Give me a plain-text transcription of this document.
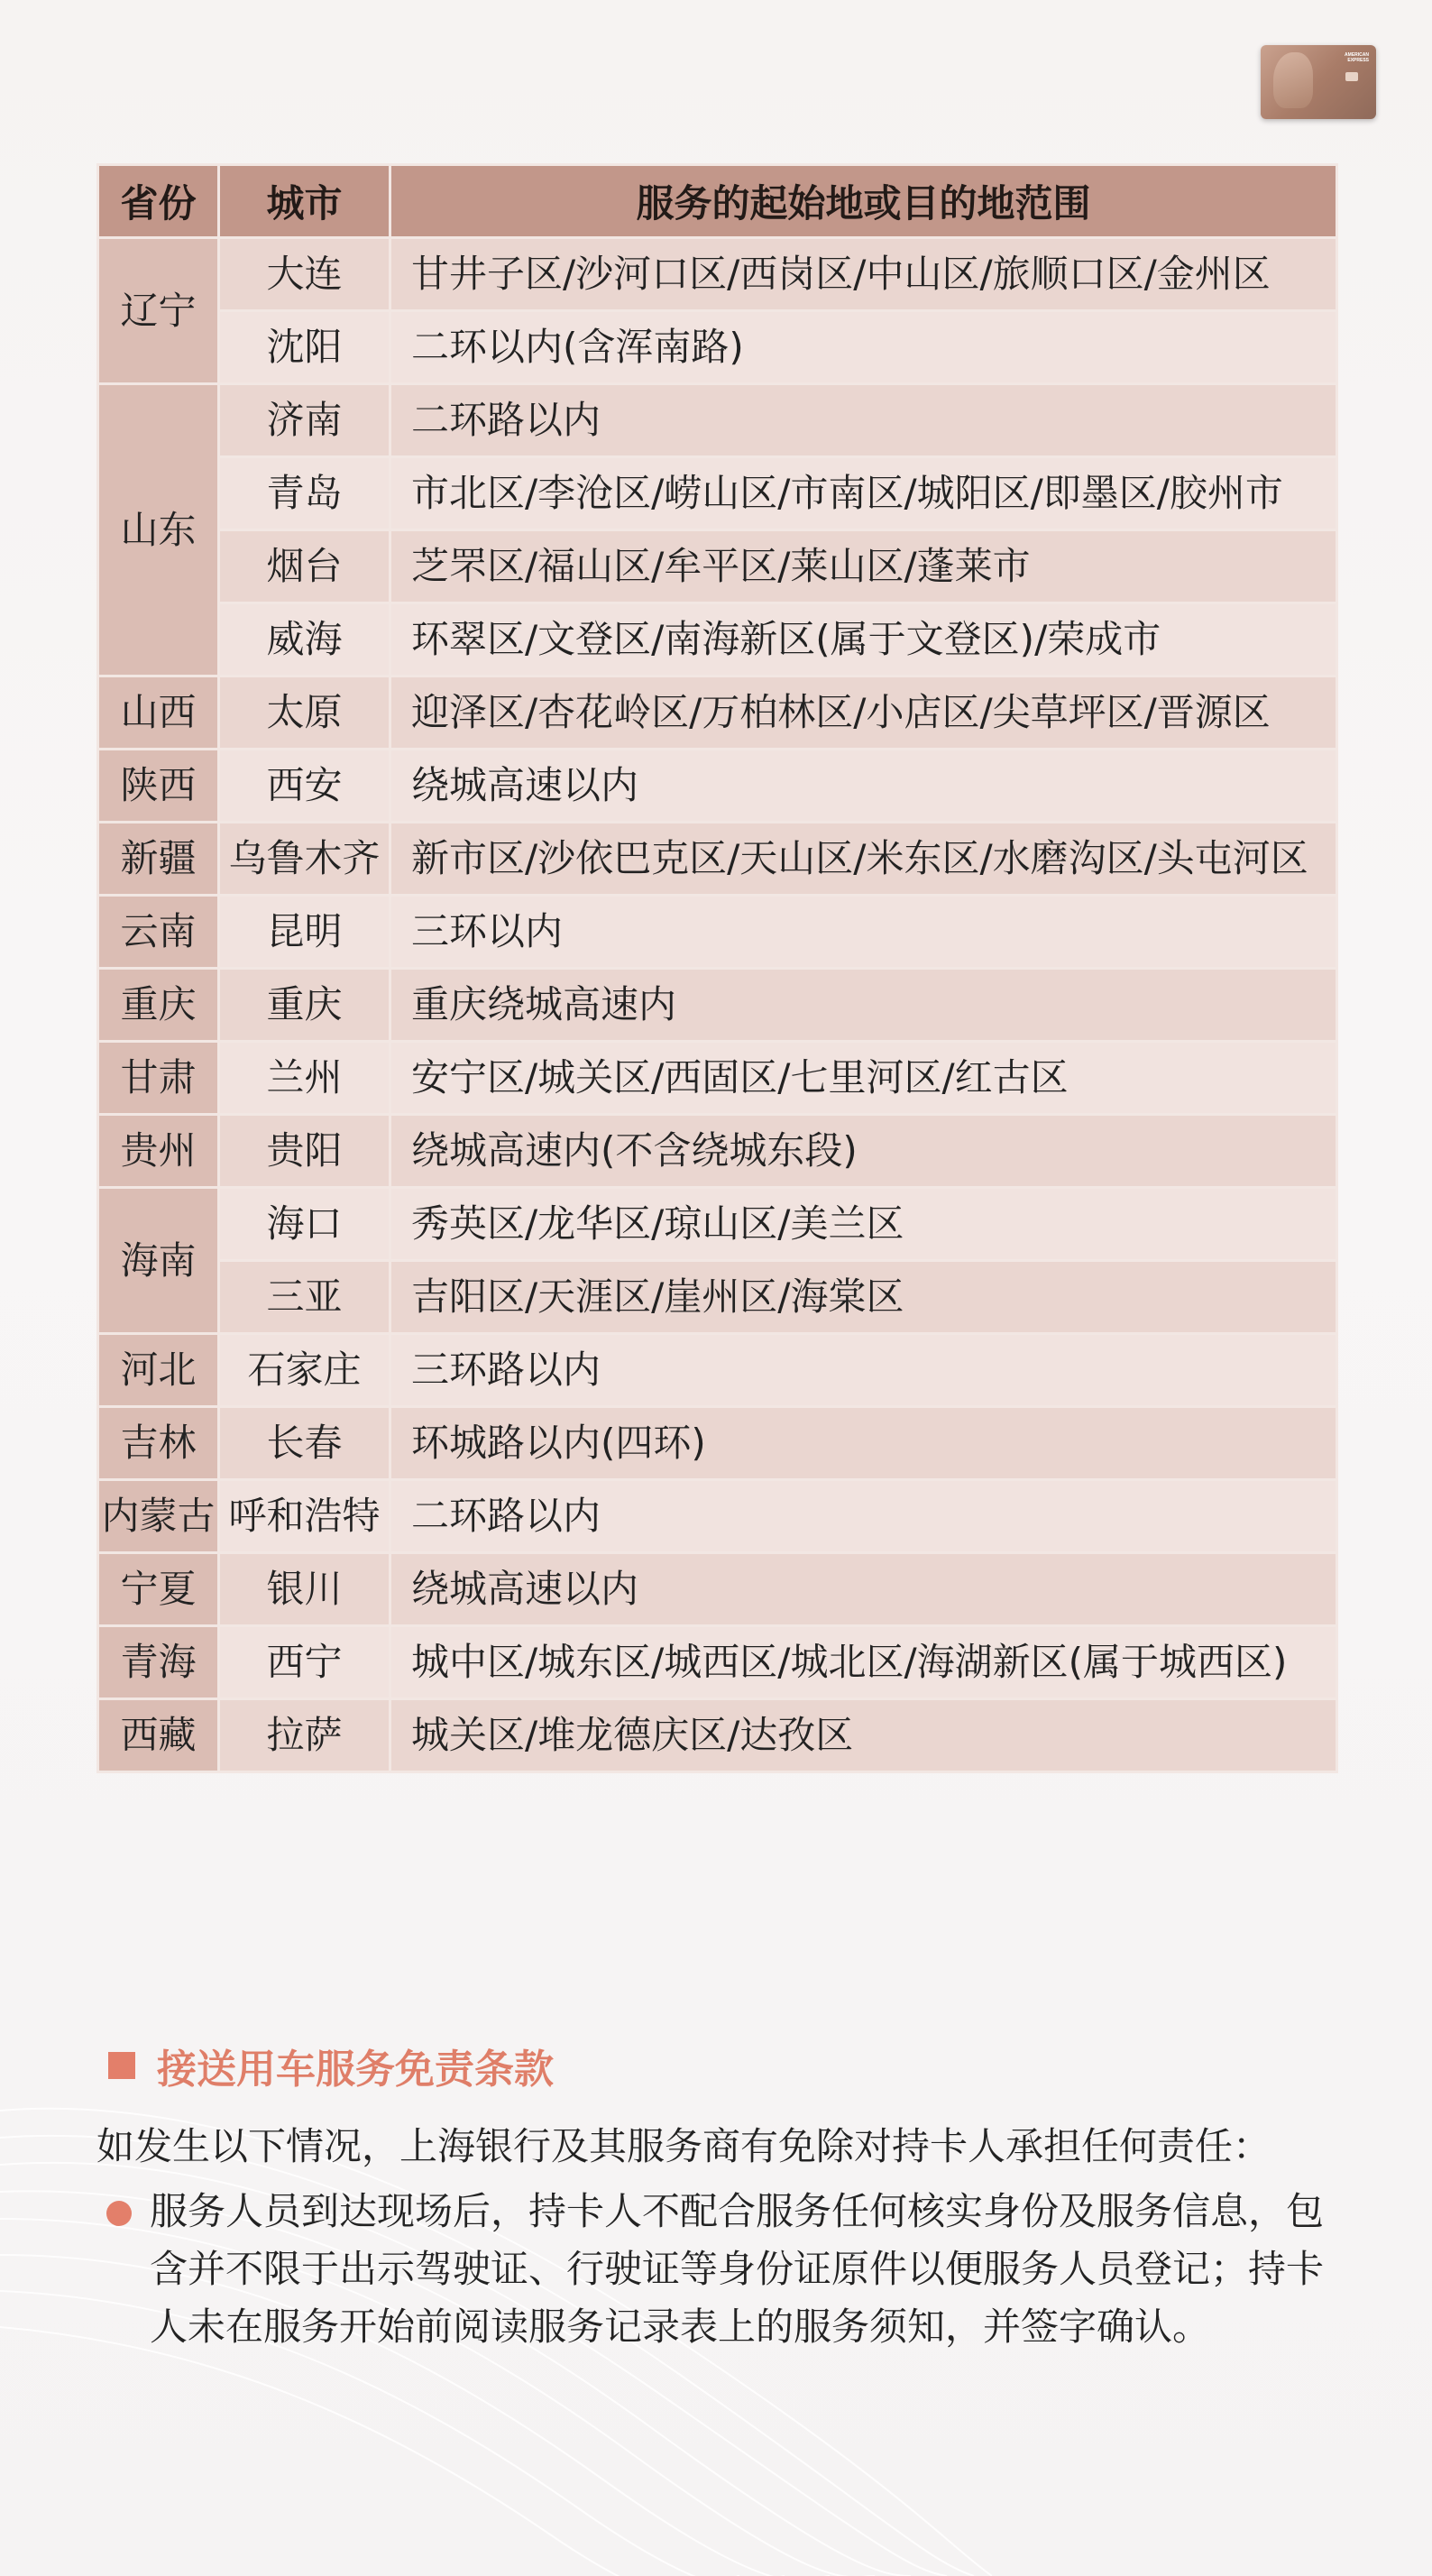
AMERICAN EXPRESS
省份	城市	服务的起始地或目的地范围
辽宁	大连	甘井子区/沙河口区/西岗区/中山区/旅顺口区/金州区
	沈阳	二环以内(含浑南路)
山东	济南	二环路以内
	青岛	市北区/李沧区/崂山区/市南区/城阳区/即墨区/胶州市
	烟台	芝罘区/福山区/牟平区/莱山区/蓬莱市
	威海	环翠区/文登区/南海新区(属于文登区)/荣成市
山西	太原	迎泽区/杏花岭区/万柏林区/小店区/尖草坪区/晋源区
陕西	西安	绕城高速以内
新疆	乌鲁木齐	新市区/沙依巴克区/天山区/米东区/水磨沟区/头屯河区
云南	昆明	三环以内
重庆	重庆	重庆绕城高速内
甘肃	兰州	安宁区/城关区/西固区/七里河区/红古区
贵州	贵阳	绕城高速内(不含绕城东段)
海南	海口	秀英区/龙华区/琼山区/美兰区
	三亚	吉阳区/天涯区/崖州区/海棠区
河北	石家庄	三环路以内
吉林	长春	环城路以内(四环)
内蒙古	呼和浩特	二环路以内
宁夏	银川	绕城高速以内
青海	西宁	城中区/城东区/城西区/城北区/海湖新区(属于城西区)
西藏	拉萨	城关区/堆龙德庆区/达孜区
接送用车服务免责条款
如发生以下情况，上海银行及其服务商有免除对持卡人承担任何责任：
服务人员到达现场后，持卡人不配合服务任何核实身份及服务信息，包含并不限于出示驾驶证、行驶证等身份证原件以便服务人员登记；持卡人未在服务开始前阅读服务记录表上的服务须知，并签字确认。
